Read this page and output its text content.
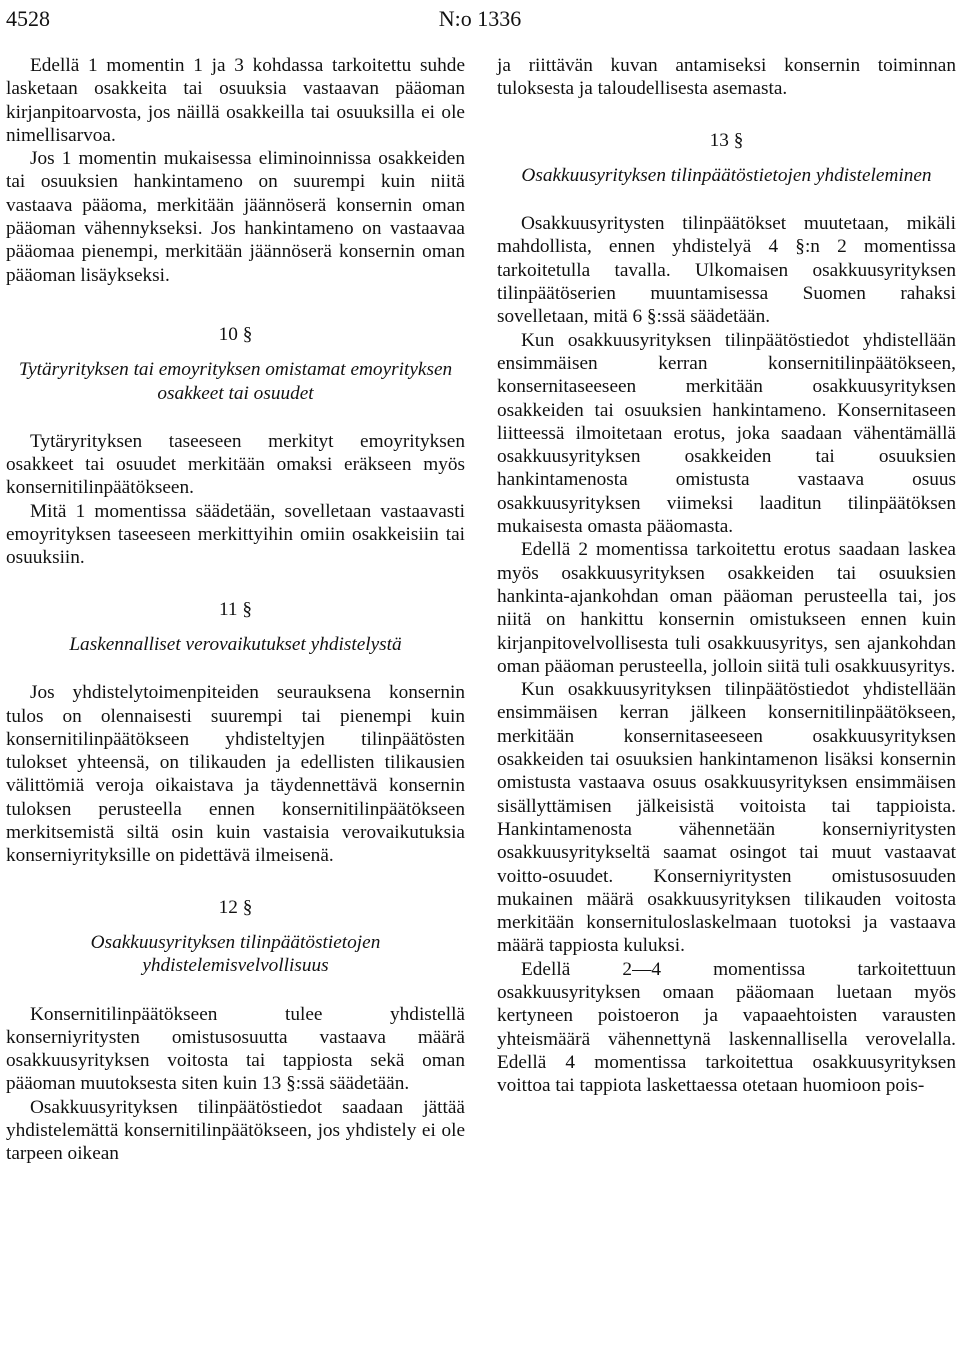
4528	N:o 1336

Edellä 1 momentin 1 ja 3 kohdassa tarkoitettu suhde lasketaan osakkeita tai osuuksia vastaavan pääoman kirjanpitoarvosta, jos näillä osakkeilla tai osuuksilla ei ole nimellisarvoa.

Jos 1 momentin mukaisessa eliminoinnissa osakkeiden tai osuuksien hankintameno on suurempi kuin niitä vastaava pääoma, merkitään jäännöserä konsernin oman pääoman vähennykseksi. Jos hankintameno on vastaavaa pääomaa pienempi, merkitään jäännöserä konsernin oman pääoman lisäykseksi.

10 §
Tytäryrityksen tai emoyrityksen omistamat emoyrityksen osakkeet tai osuudet

Tytäryrityksen taseeseen merkityt emoyrityksen osakkeet tai osuudet merkitään omaksi eräkseen myös konsernitilinpäätökseen.

Mitä 1 momentissa säädetään, sovelletaan vastaavasti emoyrityksen taseeseen merkittyihin omiin osakkeisiin tai osuuksiin.

11 §
Laskennalliset verovaikutukset yhdistelystä

Jos yhdistelytoimenpiteiden seurauksena konsernin tulos on olennaisesti suurempi tai pienempi kuin konsernitilinpäätökseen yhdisteltyjen tilinpäätösten tulokset yhteensä, on tilikauden ja edellisten tilikausien välittömiä veroja oikaistava ja täydennettävä konsernin tuloksen perusteella ennen konsernitilinpäätökseen merkitsemistä siltä osin kuin vastaisia verovaikutuksia konserniyrityksille on pidettävä ilmeisenä.

12 §
Osakkuusyrityksen tilinpäätöstietojen yhdistelemisvelvollisuus

Konsernitilinpäätökseen tulee yhdistellä konserniyritysten omistusosuutta vastaava määrä osakkuusyrityksen voitosta tai tappiosta sekä oman pääoman muutoksesta siten kuin 13 §:ssä säädetään.

Osakkuusyrityksen tilinpäätöstiedot saadaan jättää yhdistelemättä konsernitilinpäätökseen, jos yhdistely ei ole tarpeen oikean

ja riittävän kuvan antamiseksi konsernin toiminnan tuloksesta ja taloudellisesta asemasta.

13 §
Osakkuusyrityksen tilinpäätöstietojen yhdisteleminen

Osakkuusyritysten tilinpäätökset muutetaan, mikäli mahdollista, ennen yhdistelyä 4 §:n 2 momentissa tarkoitetulla tavalla. Ulkomaisen osakkuusyrityksen tilinpäätöserien muuntamisessa Suomen rahaksi sovelletaan, mitä 6 §:ssä säädetään.

Kun osakkuusyrityksen tilinpäätöstiedot yhdistellään ensimmäisen kerran konsernitilinpäätökseen, konsernitaseeseen merkitään osakkuusyrityksen osakkeiden tai osuuksien hankintameno. Konsernitaseen liitteessä ilmoitetaan erotus, joka saadaan vähentämällä osakkuusyrityksen osakkeiden tai osuuksien hankintamenosta omistusta vastaava osuus osakkuusyrityksen viimeksi laaditun tilinpäätöksen mukaisesta omasta pääomasta.

Edellä 2 momentissa tarkoitettu erotus saadaan laskea myös osakkuusyrityksen osakkeiden tai osuuksien hankinta-ajankohdan oman pääoman perusteella tai, jos niitä on hankittu konsernin omistukseen ennen kuin kirjanpitovelvollisesta tuli osakkuusyritys, sen ajankohdan oman pääoman perusteella, jolloin siitä tuli osakkuusyritys.

Kun osakkuusyrityksen tilinpäätöstiedot yhdistellään ensimmäisen kerran jälkeen konsernitilinpäätökseen, merkitään konsernitaseeseen osakkuusyrityksen osakkeiden tai osuuksien hankintamenon lisäksi konsernin omistusta vastaava osuus osakkuusyrityksen ensimmäisen sisällyttämisen jälkeisistä voitoista tai tappioista. Hankintamenosta vähennetään konserniyritysten osakkuusyritykseltä saamat osingot tai muut vastaavat voitto-osuudet. Konserniyritysten omistusosuuden mukainen määrä osakkuusyrityksen tilikauden voitosta merkitään konsernituloslaskelmaan tuotoksi ja vastaava määrä tappiosta kuluksi.

Edellä 2—4 momentissa tarkoitettuun osakkuusyrityksen omaan pääomaan luetaan myös kertyneen poistoeron ja vapaaehtoisten varausten yhteismäärä vähennettynä laskennallisella verovelalla. Edellä 4 momentissa tarkoitettua osakkuusyrityksen voittoa tai tappiota laskettaessa otetaan huomioon pois-
